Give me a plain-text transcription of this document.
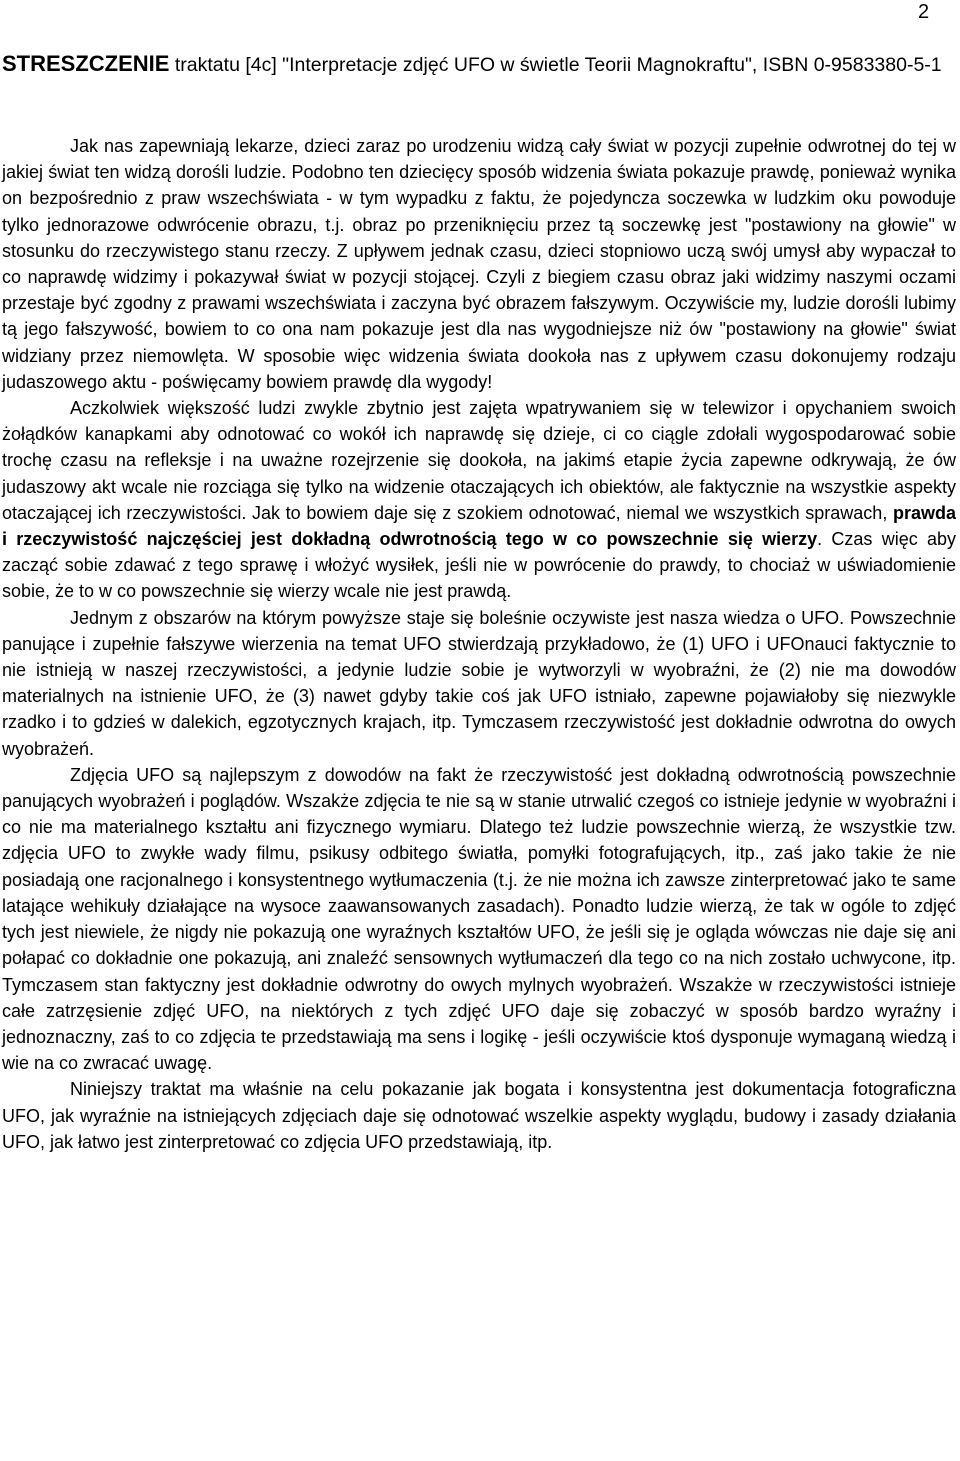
2
STRESZCZENIE traktatu [4c] "Interpretacje zdjęć UFO w świetle Teorii Magnokraftu", ISBN 0-9583380-5-1

Jak nas zapewniają lekarze, dzieci zaraz po urodzeniu widzą cały świat w pozycji zupełnie odwrotnej do tej w jakiej świat ten widzą dorośli ludzie. Podobno ten dziecięcy sposób widzenia świata pokazuje prawdę, ponieważ wynika on bezpośrednio z praw wszechświata - w tym wypadku z faktu, że pojedyncza soczewka w ludzkim oku powoduje tylko jednorazowe odwrócenie obrazu, t.j. obraz po przeniknięciu przez tą soczewkę jest "postawiony na głowie" w stosunku do rzeczywistego stanu rzeczy. Z upływem jednak czasu, dzieci stopniowo uczą swój umysł aby wypaczał to co naprawdę widzimy i pokazywał świat w pozycji stojącej. Czyli z biegiem czasu obraz jaki widzimy naszymi oczami przestaje być zgodny z prawami wszechświata i zaczyna być obrazem fałszywym. Oczywiście my, ludzie dorośli lubimy tą jego fałszywość, bowiem to co ona nam pokazuje jest dla nas wygodniejsze niż ów "postawiony na głowie" świat widziany przez niemowlęta. W sposobie więc widzenia świata dookoła nas z upływem czasu dokonujemy rodzaju judaszowego aktu - poświęcamy bowiem prawdę dla wygody!

Aczkolwiek większość ludzi zwykle zbytnio jest zajęta wpatrywaniem się w telewizor i opychaniem swoich żołądków kanapkami aby odnotować co wokół ich naprawdę się dzieje, ci co ciągle zdołali wygospodarować sobie trochę czasu na refleksje i na uważne rozejrzenie się dookoła, na jakimś etapie życia zapewne odkrywają, że ów judaszowy akt wcale nie rozciąga się tylko na widzenie otaczających ich obiektów, ale faktycznie na wszystkie aspekty otaczającej ich rzeczywistości. Jak to bowiem daje się z szokiem odnotować, niemal we wszystkich sprawach, prawda i rzeczywistość najczęściej jest dokładną odwrotnością tego w co powszechnie się wierzy. Czas więc aby zacząć sobie zdawać z tego sprawę i włożyć wysiłek, jeśli nie w powrócenie do prawdy, to chociaż w uświadomienie sobie, że to w co powszechnie się wierzy wcale nie jest prawdą.

Jednym z obszarów na którym powyższe staje się boleśnie oczywiste jest nasza wiedza o UFO. Powszechnie panujące i zupełnie fałszywe wierzenia na temat UFO stwierdzają przykładowo, że (1) UFO i UFOnauci faktycznie to nie istnieją w naszej rzeczywistości, a jedynie ludzie sobie je wytworzyli w wyobraźni, że (2) nie ma dowodów materialnych na istnienie UFO, że (3) nawet gdyby takie coś jak UFO istniało, zapewne pojawiałoby się niezwykle rzadko i to gdzieś w dalekich, egzotycznych krajach, itp. Tymczasem rzeczywistość jest dokładnie odwrotna do owych wyobrażeń.

Zdjęcia UFO są najlepszym z dowodów na fakt że rzeczywistość jest dokładną odwrotnością powszechnie panujących wyobrażeń i poglądów. Wszakże zdjęcia te nie są w stanie utrwalić czegoś co istnieje jedynie w wyobraźni i co nie ma materialnego kształtu ani fizycznego wymiaru. Dlatego też ludzie powszechnie wierzą, że wszystkie tzw. zdjęcia UFO to zwykłe wady filmu, psikusy odbitego światła, pomyłki fotografujących, itp., zaś jako takie że nie posiadają one racjonalnego i konsystentnego wytłumaczenia (t.j. że nie można ich zawsze zinterpretować jako te same latające wehikuły działające na wysoce zaawansowanych zasadach). Ponadto ludzie wierzą, że tak w ogóle to zdjęć tych jest niewiele, że nigdy nie pokazują one wyraźnych kształtów UFO, że jeśli się je ogląda wówczas nie daje się ani połapać co dokładnie one pokazują, ani znaleźć sensownych wytłumaczeń dla tego co na nich zostało uchwycone, itp. Tymczasem stan faktyczny jest dokładnie odwrotny do owych mylnych wyobrażeń. Wszakże w rzeczywistości istnieje całe zatrzęsienie zdjęć UFO, na niektórych z tych zdjęć UFO daje się zobaczyć w sposób bardzo wyraźny i jednoznaczny, zaś to co zdjęcia te przedstawiają ma sens i logikę - jeśli oczywiście ktoś dysponuje wymaganą wiedzą i wie na co zwracać uwagę.

Niniejszy traktat ma właśnie na celu pokazanie jak bogata i konsystentna jest dokumentacja fotograficzna UFO, jak wyraźnie na istniejących zdjęciach daje się odnotować wszelkie aspekty wyglądu, budowy i zasady działania UFO, jak łatwo jest zinterpretować co zdjęcia UFO przedstawiają, itp.
